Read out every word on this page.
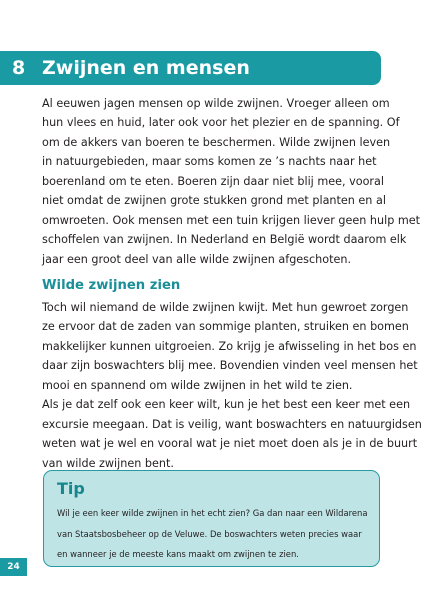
8 Zwijnen en mensen
Al eeuwen jagen mensen op wilde zwijnen. Vroeger alleen om
hun vlees en huid, later ook voor het plezier en de spanning. Of
om de akkers van boeren te beschermen. Wilde zwijnen leven
in natuurgebieden, maar soms komen ze ’s nachts naar het
boerenland om te eten. Boeren zijn daar niet blij mee, vooral
niet omdat de zwijnen grote stukken grond met planten en al
omwroeten. Ook mensen met een tuin krijgen liever geen hulp met
schoffelen van zwijnen. In Nederland en België wordt daarom elk
jaar een groot deel van alle wilde zwijnen afgeschoten.
Wilde zwijnen zien
Toch wil niemand de wilde zwijnen kwijt. Met hun gewroet zorgen
ze ervoor dat de zaden van sommige planten, struiken en bomen
makkelijker kunnen uitgroeien. Zo krijg je afwisseling in het bos en
daar zijn boswachters blij mee. Bovendien vinden veel mensen het
mooi en spannend om wilde zwijnen in het wild te zien.
Als je dat zelf ook een keer wilt, kun je het best een keer met een
excursie meegaan. Dat is veilig, want boswachters en natuurgidsen
weten wat je wel en vooral wat je niet moet doen als je in de buurt
van wilde zwijnen bent.
Tip
Wil je een keer wilde zwijnen in het echt zien? Ga dan naar een Wildarena
van Staatsbosbeheer op de Veluwe. De boswachters weten precies waar
en wanneer je de meeste kans maakt om zwijnen te zien.
24
